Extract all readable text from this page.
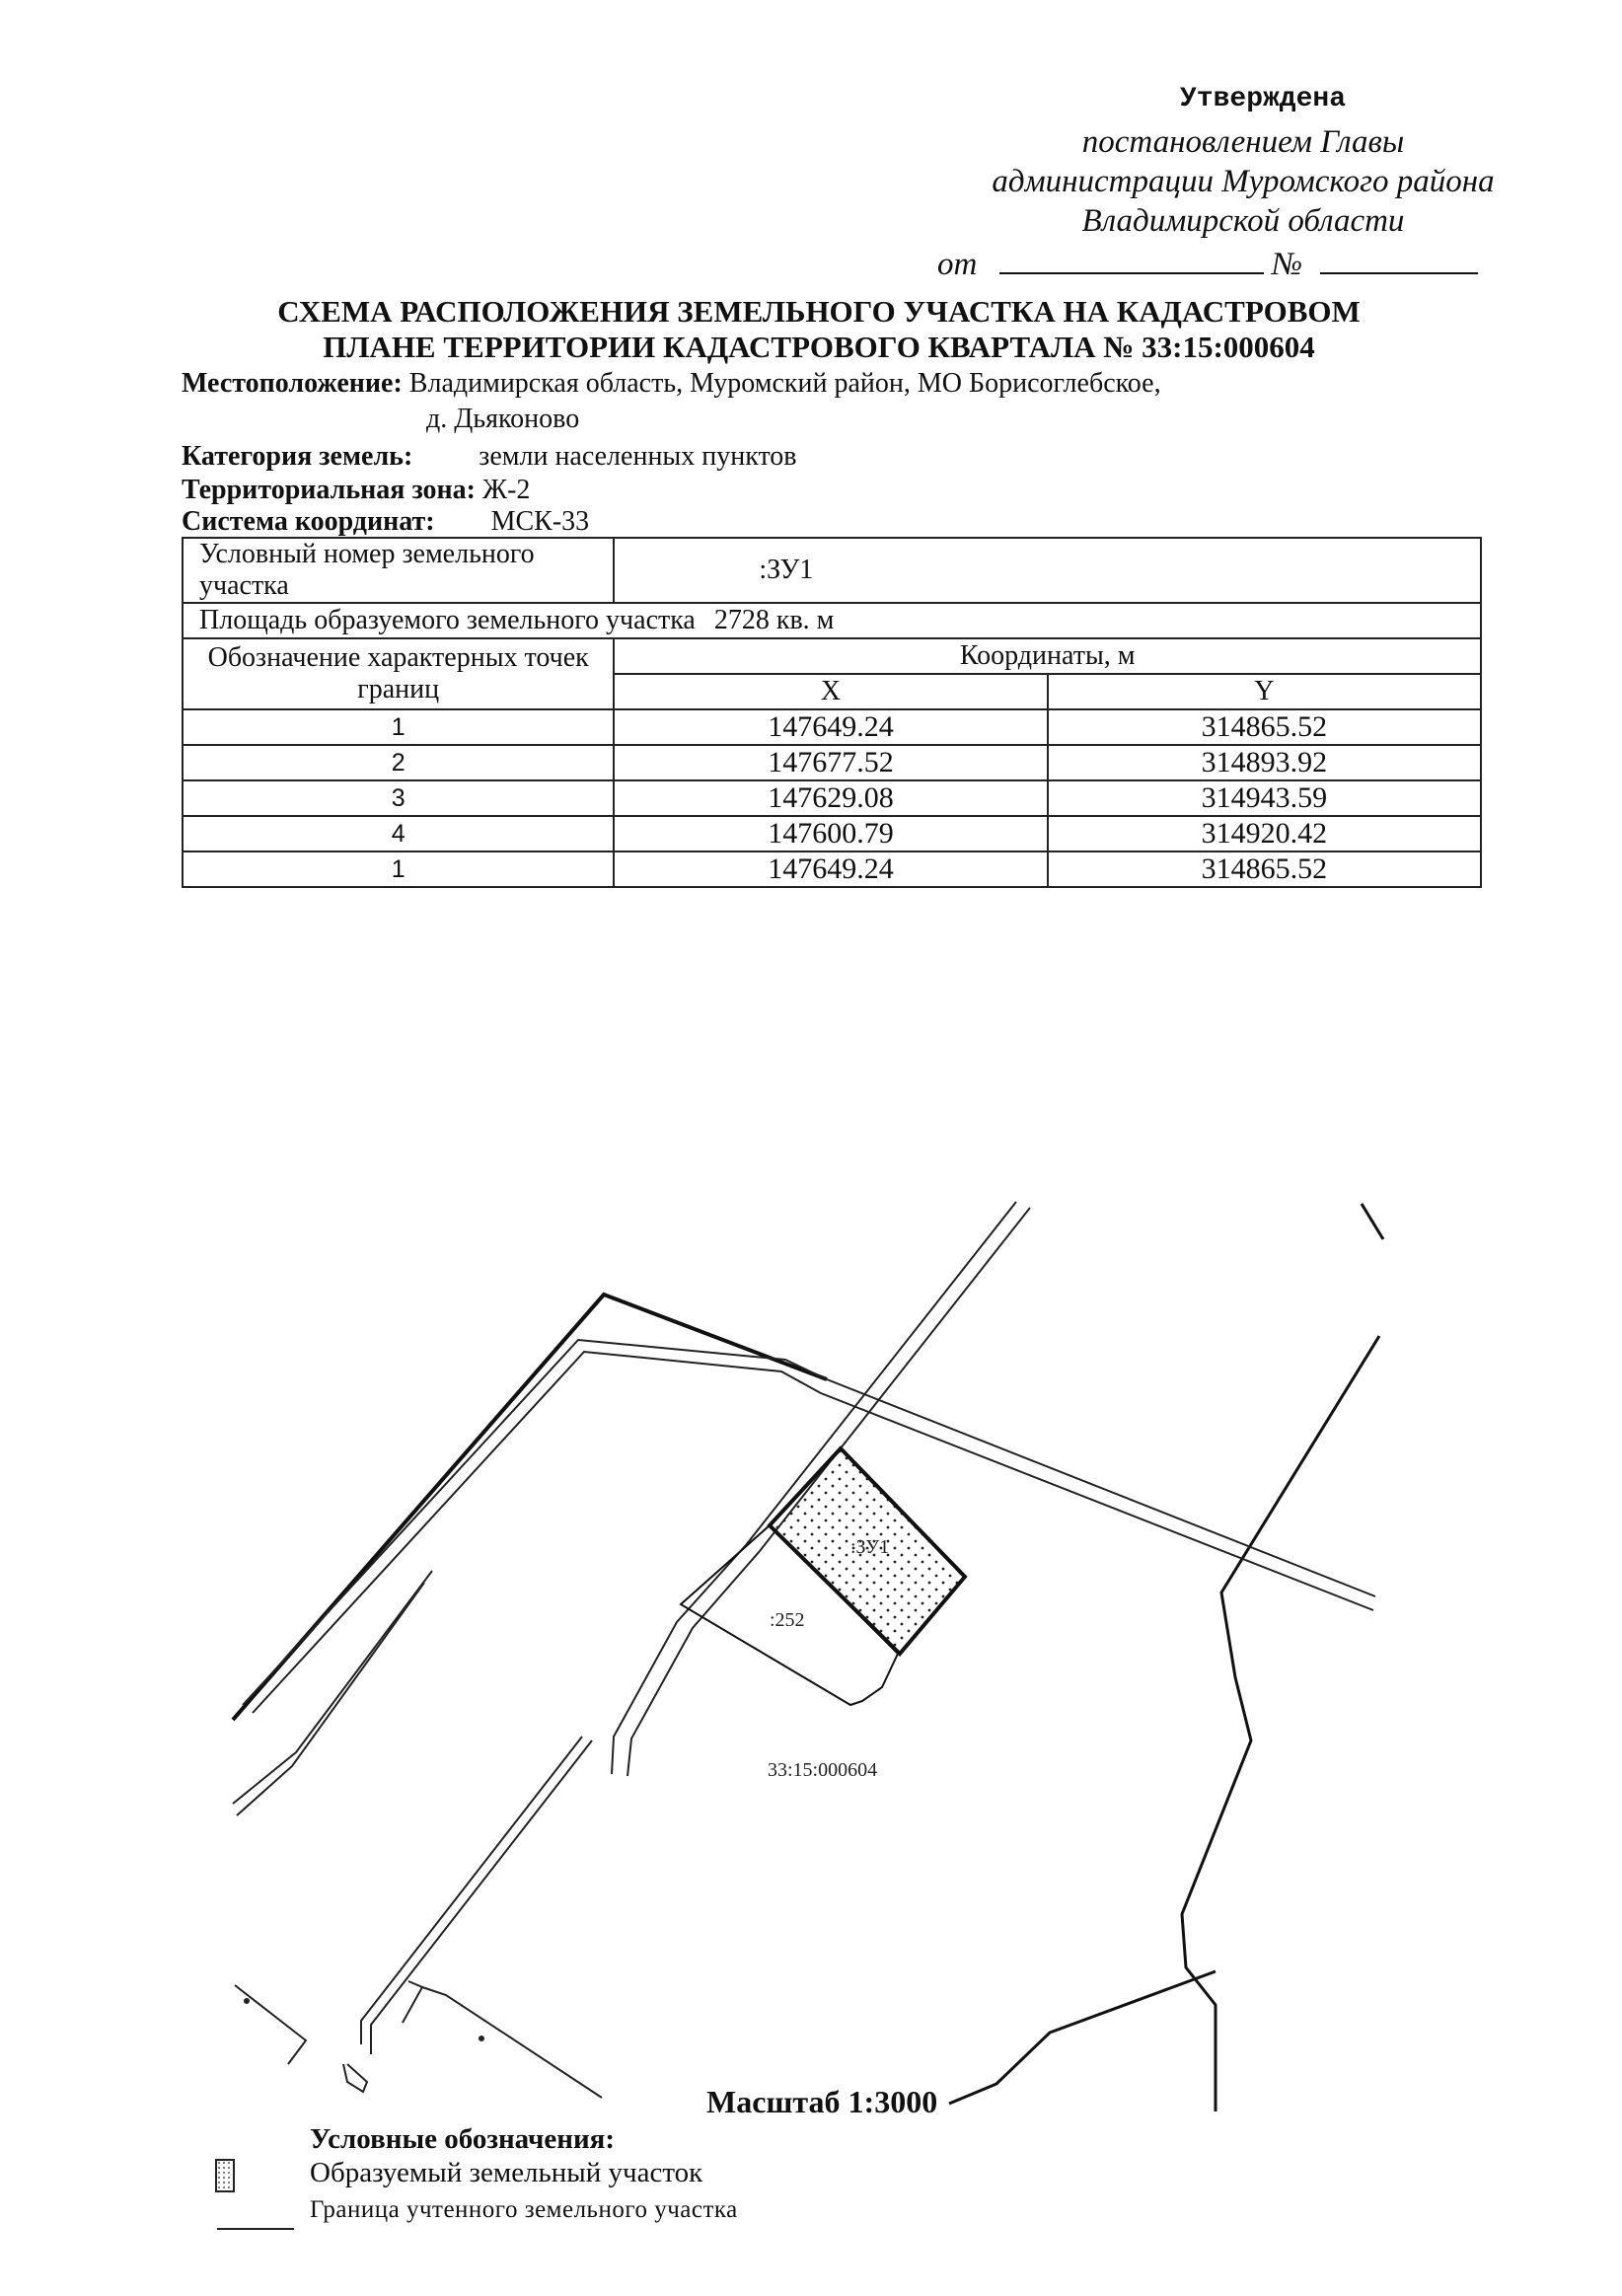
Утверждена
постановлением Главы
администрации Муромского района
Владимирской области
от	№
СХЕМА РАСПОЛОЖЕНИЯ ЗЕМЕЛЬНОГО УЧАСТКА НА КАДАСТРОВОМ
ПЛАНЕ ТЕРРИТОРИИ КАДАСТРОВОГО КВАРТАЛА № 33:15:000604
Местоположение: Владимирская область, Муромский район, МО Борисоглебское,
д. Дьяконово
Категория земель: земли населенных пунктов
Территориальная зона: Ж-2
Система координат: МСК-33
Условный номер земельного участка	:ЗУ1	
Площадь образуемого земельного участка 2728 кв. м		
Обозначение характерных точек границ	Координаты, м	
	X	Y
1	147649.24	314865.52
2	147677.52	314893.92
3	147629.08	314943.59
4	147600.79	314920.42
1	147649.24	314865.52
:ЗУ1
:252
33:15:000604
Масштаб 1:3000
Условные обозначения:
Образуемый земельный участок
Граница учтенного земельного участка
